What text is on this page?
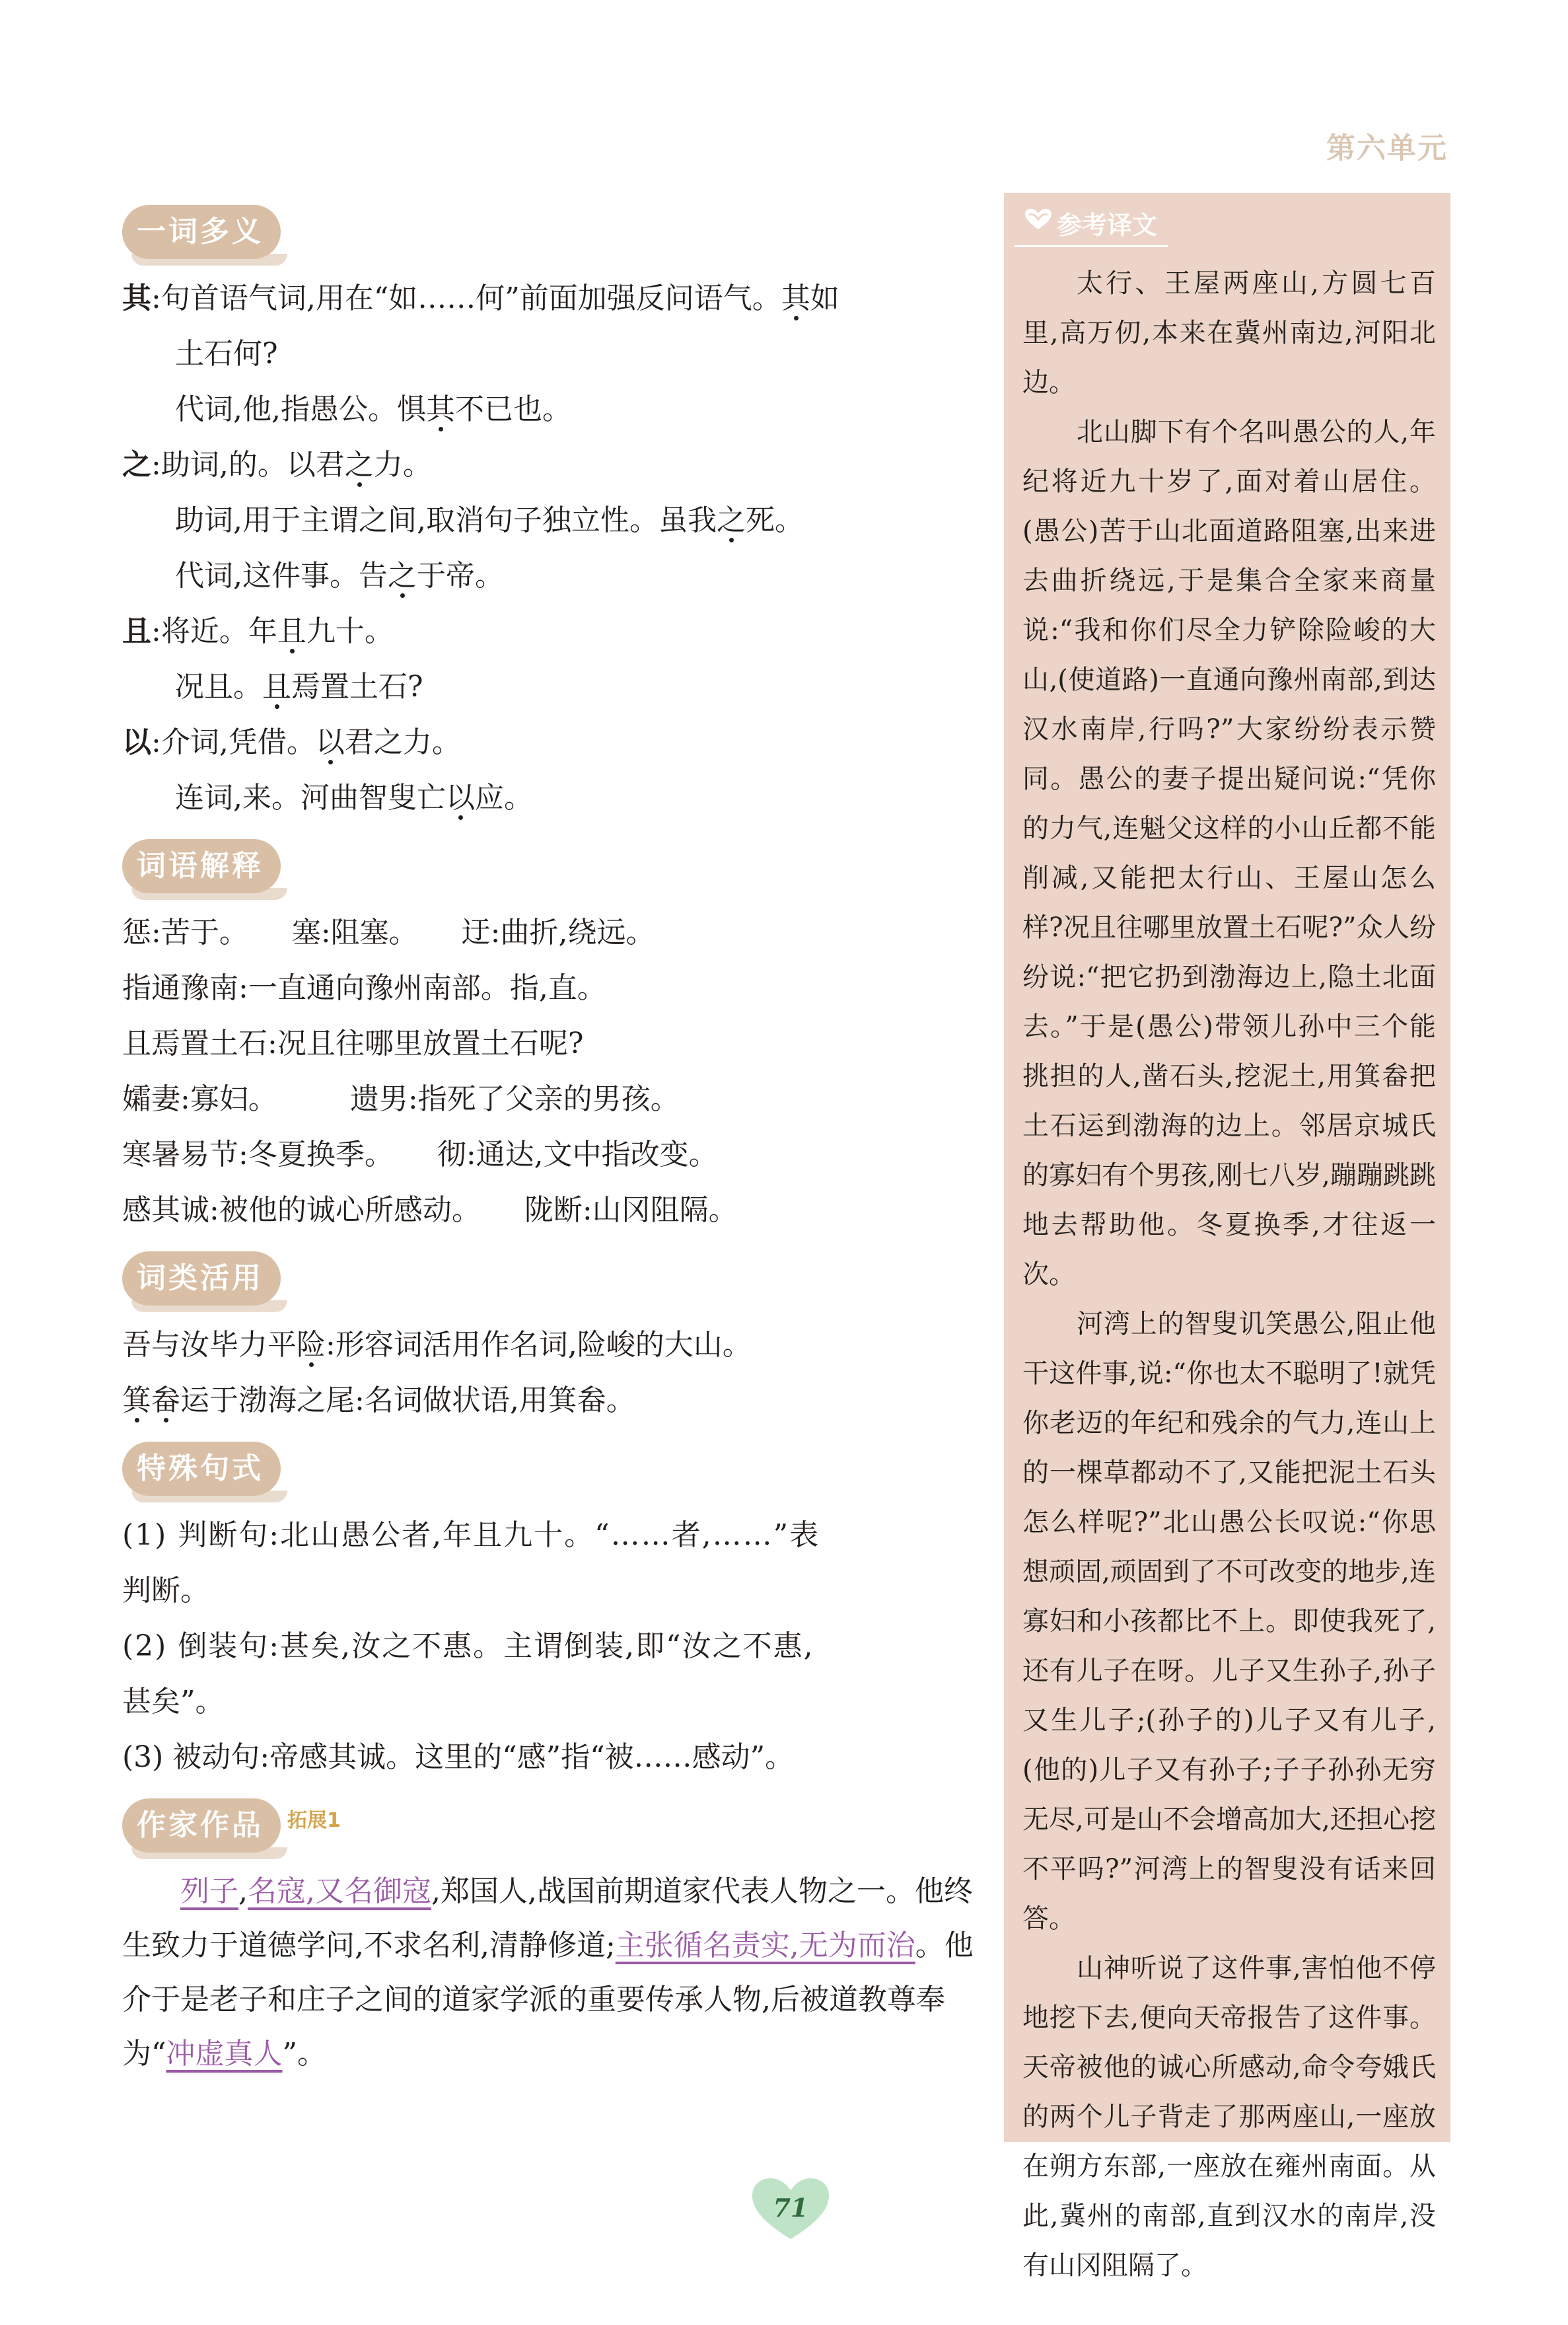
第六单元
一词多义
其:句首语气词,用在“如……何”前面加强反问语气。其如
土石何?
代词,他,指愚公。惧其不已也。
之:助词,的。以君之力。
助词,用于主谓之间,取消句子独立性。虽我之死。
代词,这件事。告之于帝。
且:将近。年且九十。
况且。且焉置土石?
以:介词,凭借。以君之力。
连词,来。河曲智叟亡以应。
词语解释
惩:苦于。　　塞:阻塞。　　迂:曲折,绕远。
指通豫南:一直通向豫州南部。指,直。
且焉置土石:况且往哪里放置土石呢?
孀妻:寡妇。　　　遗男:指死了父亲的男孩。
寒暑易节:冬夏换季。　　彻:通达,文中指改变。
感其诚:被他的诚心所感动。　　陇断:山冈阻隔。
词类活用
吾与汝毕力平险:形容词活用作名词,险峻的大山。
箕畚运于渤海之尾:名词做状语,用箕畚。
特殊句式
(1) 判断句:北山愚公者,年且九十。“……者,……”表
判断。
(2) 倒装句:甚矣,汝之不惠。主谓倒装,即“汝之不惠,
甚矣”。
(3) 被动句:帝感其诚。这里的“感”指“被……感动”。
作家作品	拓展1
列子,名寇,又名御寇,郑国人,战国前期道家代表人物之一。他终生致力于道德学问,不求名利,清静修道;主张循名责实,无为而治。他介于是老子和庄子之间的道家学派的重要传承人物,后被道教尊奉为“冲虚真人”。
参考译文

太行、王屋两座山,方圆七百里,高万仞,本来在冀州南边,河阳北边。

北山脚下有个名叫愚公的人,年纪将近九十岁了,面对着山居住。(愚公)苦于山北面道路阻塞,出来进去曲折绕远,于是集合全家来商量说:“我和你们尽全力铲除险峻的大山,(使道路)一直通向豫州南部,到达汉水南岸,行吗?”大家纷纷表示赞同。愚公的妻子提出疑问说:“凭你的力气,连魁父这样的小山丘都不能削减,又能把太行山、王屋山怎么样?况且往哪里放置土石呢?”众人纷纷说:“把它扔到渤海边上,隐土北面去。”于是(愚公)带领儿孙中三个能挑担的人,凿石头,挖泥土,用箕畚把土石运到渤海的边上。邻居京城氏的寡妇有个男孩,刚七八岁,蹦蹦跳跳地去帮助他。冬夏换季,才往返一次。

河湾上的智叟讥笑愚公,阻止他干这件事,说:“你也太不聪明了!就凭你老迈的年纪和残余的气力,连山上的一棵草都动不了,又能把泥土石头怎么样呢?”北山愚公长叹说:“你思想顽固,顽固到了不可改变的地步,连寡妇和小孩都比不上。即使我死了,还有儿子在呀。儿子又生孙子,孙子又生儿子;(孙子的)儿子又有儿子,(他的)儿子又有孙子;子子孙孙无穷无尽,可是山不会增高加大,还担心挖不平吗?”河湾上的智叟没有话来回答。

山神听说了这件事,害怕他不停地挖下去,便向天帝报告了这件事。天帝被他的诚心所感动,命令夸娥氏的两个儿子背走了那两座山,一座放在朔方东部,一座放在雍州南面。从此,冀州的南部,直到汉水的南岸,没有山冈阻隔了。

71
